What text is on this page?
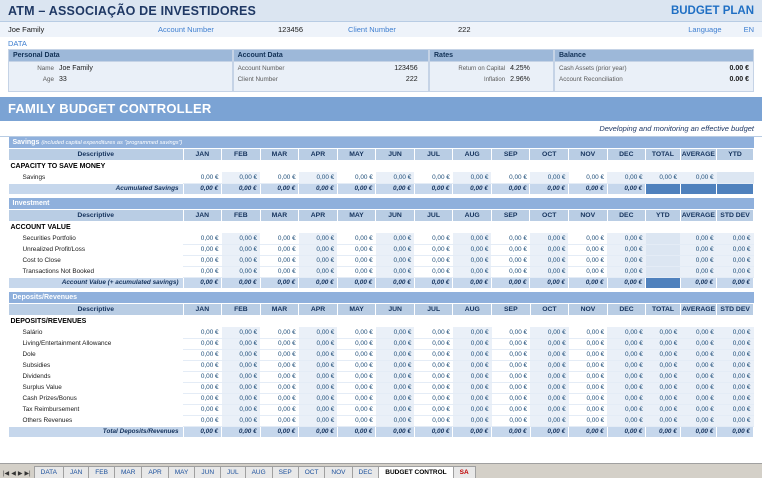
ATM – ASSOCIAÇÃO DE INVESTIDORES	BUDGET PLAN
Joe Family	Account Number	123456	Client Number	222	Language	EN
DATA
Personal Data
Name Joe Family
Age 33
Account Data
Account Number	123456
Client Number	222
Rates
Return on Capital 4.25%
Inflation 2.96%
Balance
Cash Assets (prior year)	0.00 €
Account Reconciliation	0.00 €
FAMILY BUDGET CONTROLLER
Developing and monitoring an effective budget
Savings (included capital expenditures as "programmed savings")															
Descriptive	JAN	FEB	MAR	APR	MAY	JUN	JUL	AUG	SEP	OCT	NOV	DEC	TOTAL	AVERAGE	YTD
CAPACITY TO SAVE MONEY															
Savings	0,00 €	0,00 €	0,00 €	0,00 €	0,00 €	0,00 €	0,00 €	0,00 €	0,00 €	0,00 €	0,00 €	0,00 €	0,00 €	0,00 €	
Acumulated Savings	0,00 €	0,00 €	0,00 €	0,00 €	0,00 €	0,00 €	0,00 €	0,00 €	0,00 €	0,00 €	0,00 €	0,00 €			

Investment															
Descriptive	JAN	FEB	MAR	APR	MAY	JUN	JUL	AUG	SEP	OCT	NOV	DEC	YTD	AVERAGE	STD DEV
ACCOUNT VALUE															
Securities Portfolio	0,00 €	0,00 €	0,00 €	0,00 €	0,00 €	0,00 €	0,00 €	0,00 €	0,00 €	0,00 €	0,00 €	0,00 €		0,00 €	0,00 €
Unrealized Profit/Loss	0,00 €	0,00 €	0,00 €	0,00 €	0,00 €	0,00 €	0,00 €	0,00 €	0,00 €	0,00 €	0,00 €	0,00 €		0,00 €	0,00 €
Cost to Close	0,00 €	0,00 €	0,00 €	0,00 €	0,00 €	0,00 €	0,00 €	0,00 €	0,00 €	0,00 €	0,00 €	0,00 €		0,00 €	0,00 €
Transactions Not Booked	0,00 €	0,00 €	0,00 €	0,00 €	0,00 €	0,00 €	0,00 €	0,00 €	0,00 €	0,00 €	0,00 €	0,00 €		0,00 €	0,00 €
Account Value (+ acumulated savings)	0,00 €	0,00 €	0,00 €	0,00 €	0,00 €	0,00 €	0,00 €	0,00 €	0,00 €	0,00 €	0,00 €	0,00 €		0,00 €	0,00 €

Deposits/Revenues															
Descriptive	JAN	FEB	MAR	APR	MAY	JUN	JUL	AUG	SEP	OCT	NOV	DEC	TOTAL	AVERAGE	STD DEV
DEPOSITS/REVENUES															
Salário	0,00 €	0,00 €	0,00 €	0,00 €	0,00 €	0,00 €	0,00 €	0,00 €	0,00 €	0,00 €	0,00 €	0,00 €	0,00 €	0,00 €	0,00 €
Living/Entertainment Allowance	0,00 €	0,00 €	0,00 €	0,00 €	0,00 €	0,00 €	0,00 €	0,00 €	0,00 €	0,00 €	0,00 €	0,00 €	0,00 €	0,00 €	0,00 €
Dole	0,00 €	0,00 €	0,00 €	0,00 €	0,00 €	0,00 €	0,00 €	0,00 €	0,00 €	0,00 €	0,00 €	0,00 €	0,00 €	0,00 €	0,00 €
Subsidies	0,00 €	0,00 €	0,00 €	0,00 €	0,00 €	0,00 €	0,00 €	0,00 €	0,00 €	0,00 €	0,00 €	0,00 €	0,00 €	0,00 €	0,00 €
Dividends	0,00 €	0,00 €	0,00 €	0,00 €	0,00 €	0,00 €	0,00 €	0,00 €	0,00 €	0,00 €	0,00 €	0,00 €	0,00 €	0,00 €	0,00 €
Surplus Value	0,00 €	0,00 €	0,00 €	0,00 €	0,00 €	0,00 €	0,00 €	0,00 €	0,00 €	0,00 €	0,00 €	0,00 €	0,00 €	0,00 €	0,00 €
Cash Prizes/Bonus	0,00 €	0,00 €	0,00 €	0,00 €	0,00 €	0,00 €	0,00 €	0,00 €	0,00 €	0,00 €	0,00 €	0,00 €	0,00 €	0,00 €	0,00 €
Tax Reimbursement	0,00 €	0,00 €	0,00 €	0,00 €	0,00 €	0,00 €	0,00 €	0,00 €	0,00 €	0,00 €	0,00 €	0,00 €	0,00 €	0,00 €	0,00 €
Others Revenues	0,00 €	0,00 €	0,00 €	0,00 €	0,00 €	0,00 €	0,00 €	0,00 €	0,00 €	0,00 €	0,00 €	0,00 €	0,00 €	0,00 €	0,00 €
Total Deposits/Revenues	0,00 €	0,00 €	0,00 €	0,00 €	0,00 €	0,00 €	0,00 €	0,00 €	0,00 €	0,00 €	0,00 €	0,00 €	0,00 €	0,00 €	0,00 €

|◀ ◀ ▶ ▶|	DATA	JAN	FEB	MAR	APR	MAY	JUN	JUL	AUG	SEP	OCT	NOV	DEC	BUDGET CONTROL	SA
